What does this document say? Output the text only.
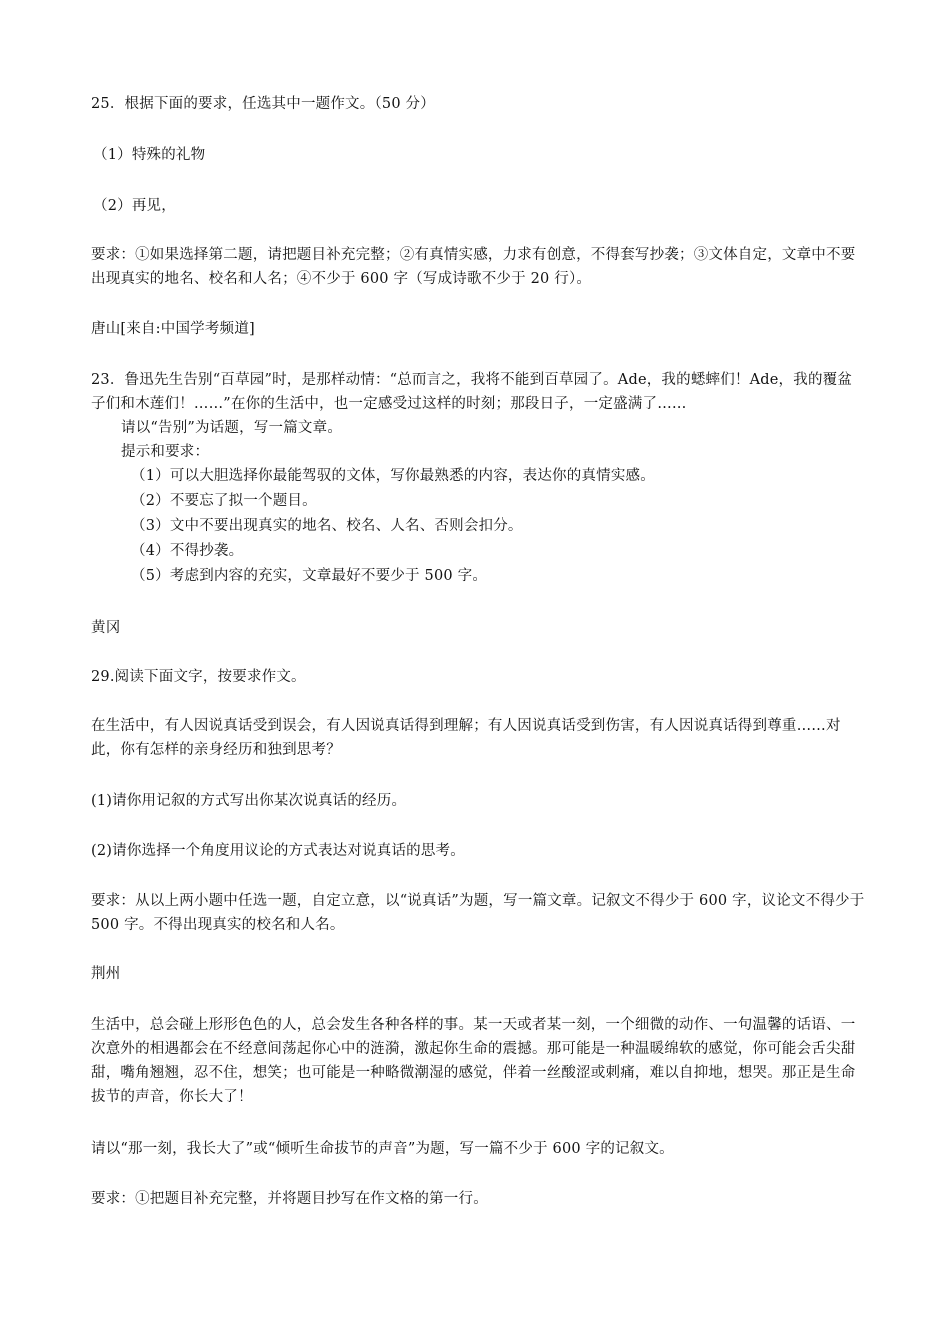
25．根据下面的要求，任选其中一题作文。（50 分）
（1）特殊的礼物
（2）再见，
要求：①如果选择第二题，请把题目补充完整；②有真情实感，力求有创意，不得套写抄袭；③文体自定，文章中不要出现真实的地名、校名和人名；④不少于 600 字（写成诗歌不少于 20 行）。
唐山[来自:中国学考频道]
23．鲁迅先生告别“百草园”时，是那样动情：“总而言之，我将不能到百草园了。Ade，我的蟋蟀们！Ade，我的覆盆子们和木莲们！……”在你的生活中，也一定感受过这样的时刻；那段日子，一定盛满了……
请以“告别”为话题，写一篇文章。
提示和要求：
（1）可以大胆选择你最能驾驭的文体，写你最熟悉的内容，表达你的真情实感。
（2）不要忘了拟一个题目。
（3）文中不要出现真实的地名、校名、人名、否则会扣分。
（4）不得抄袭。
（5）考虑到内容的充实，文章最好不要少于 500 字。
黄冈
29.阅读下面文字，按要求作文。
在生活中，有人因说真话受到误会，有人因说真话得到理解；有人因说真话受到伤害，有人因说真话得到尊重……对此，你有怎样的亲身经历和独到思考？
(1)请你用记叙的方式写出你某次说真话的经历。
(2)请你选择一个角度用议论的方式表达对说真话的思考。
要求：从以上两小题中任选一题，自定立意，以“说真话”为题，写一篇文章。记叙文不得少于 600 字，议论文不得少于 500 字。不得出现真实的校名和人名。
荆州
生活中，总会碰上形形色色的人，总会发生各种各样的事。某一天或者某一刻，一个细微的动作、一句温馨的话语、一次意外的相遇都会在不经意间荡起你心中的涟漪，激起你生命的震撼。那可能是一种温暖绵软的感觉，你可能会舌尖甜甜，嘴角翘翘，忍不住，想笑；也可能是一种略微潮湿的感觉，伴着一丝酸涩或刺痛，难以自抑地，想哭。那正是生命拔节的声音，你长大了！
请以“那一刻，我长大了”或“倾听生命拔节的声音”为题，写一篇不少于 600 字的记叙文。
要求：①把题目补充完整，并将题目抄写在作文格的第一行。
